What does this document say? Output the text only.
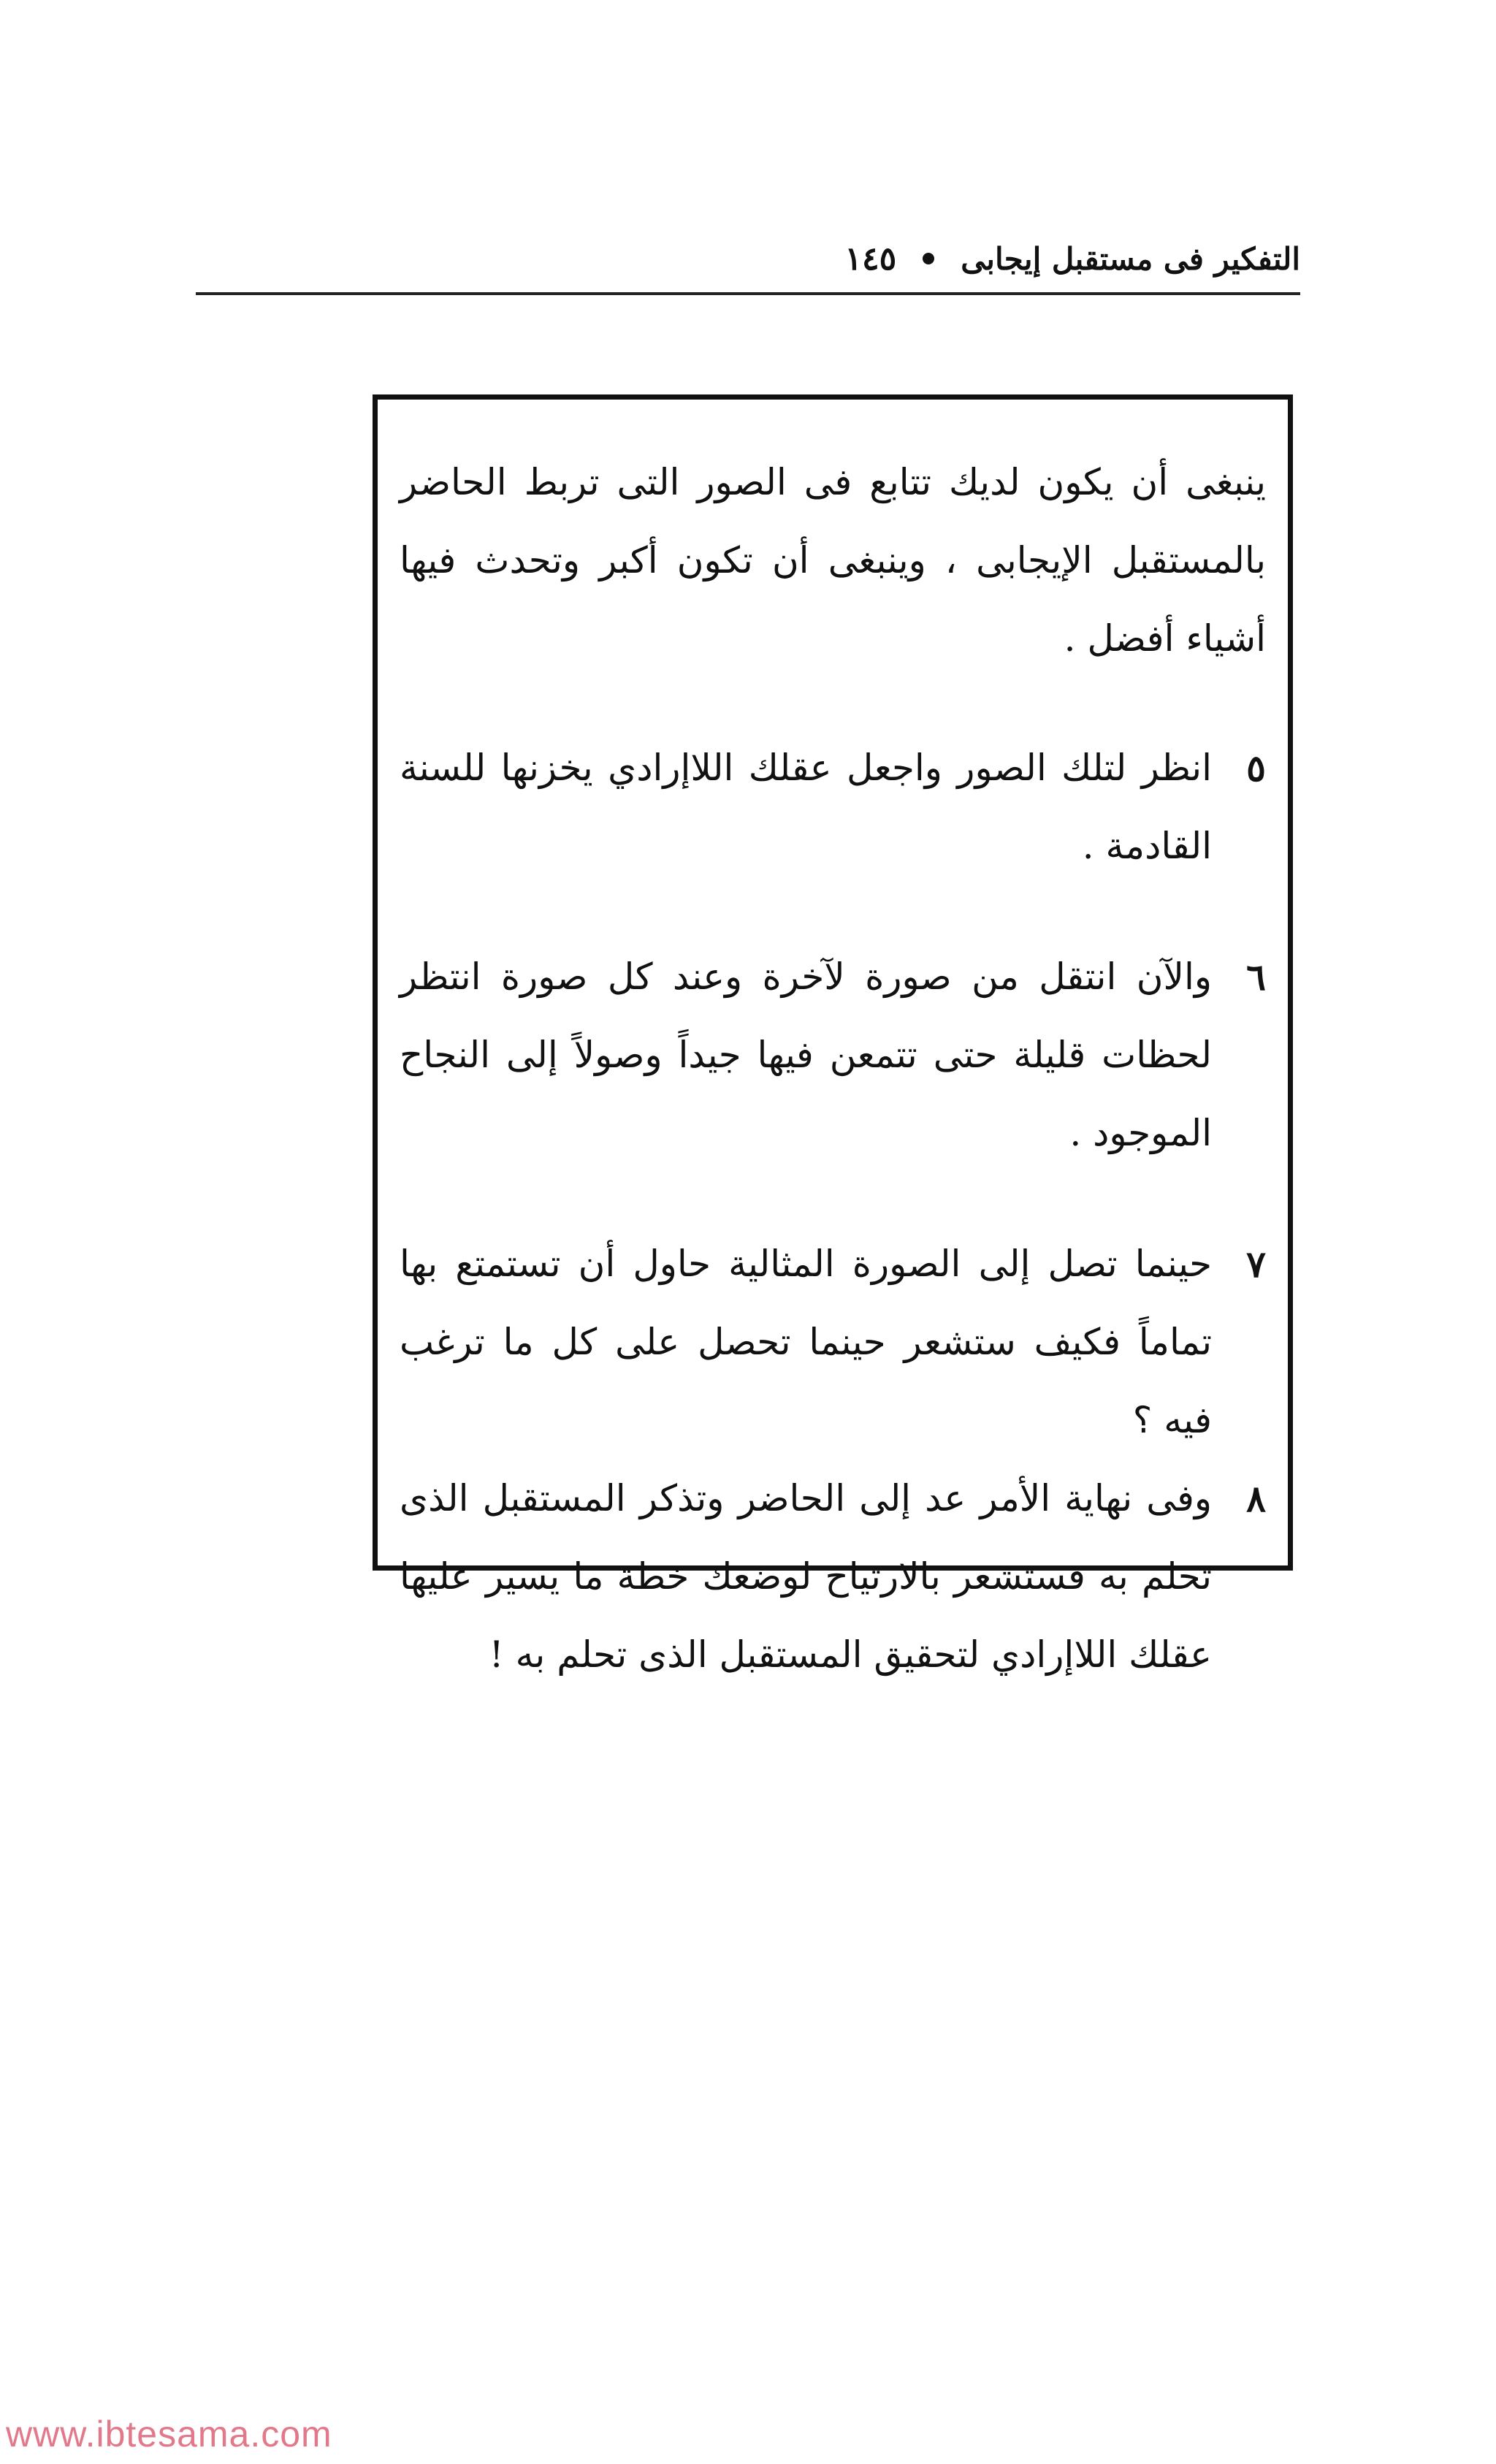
التفكير فى مستقبل إيجابى
١٤٥

ينبغى أن يكون لديك تتابع فى الصور التى تربط الحاضر بالمستقبل الإيجابى ، وينبغى أن تكون أكبر وتحدث فيها أشياء أفضل .

٥
انظر لتلك الصور واجعل عقلك اللاإرادي يخزنها للسنة القادمة .
٦
والآن انتقل من صورة لآخرة وعند كل صورة انتظر لحظات قليلة حتى تتمعن فيها جيداً وصولاً إلى النجاح الموجود .
٧
حينما تصل إلى الصورة المثالية حاول أن تستمتع بها تماماً فكيف ستشعر حينما تحصل على كل ما ترغب فيه ؟
٨
وفى نهاية الأمر عد إلى الحاضر وتذكر المستقبل الذى تحلم به فستشعر بالارتياح لوضعك خطة ما يسير عليها عقلك اللاإرادي لتحقيق المستقبل الذى تحلم به !
www.ibtesama.com
